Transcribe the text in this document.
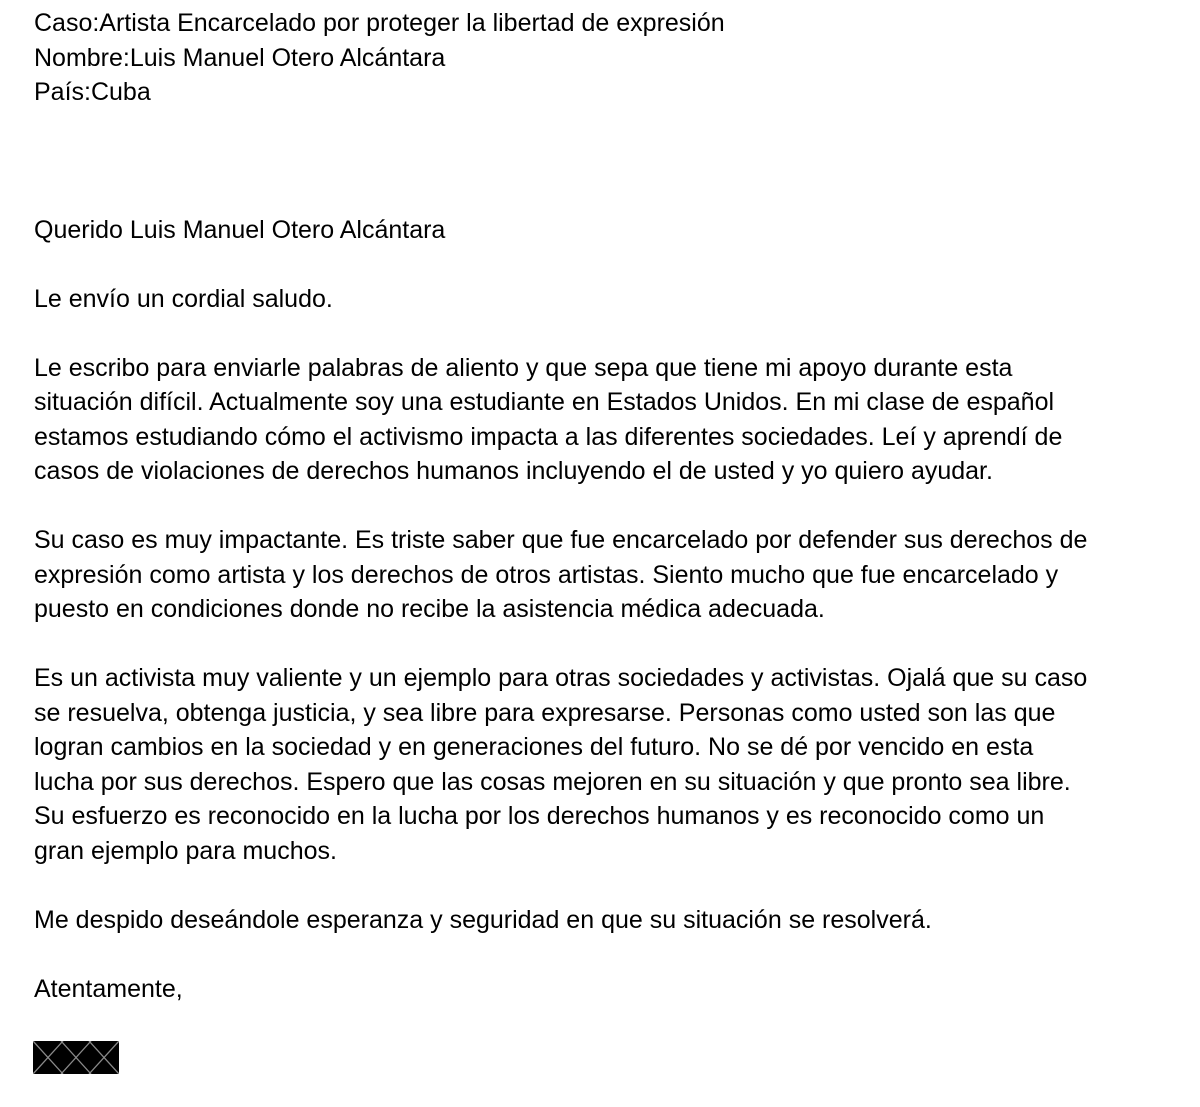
Caso:Artista Encarcelado por proteger la libertad de expresión
Nombre:Luis Manuel Otero Alcántara
País:Cuba

Querido Luis Manuel Otero Alcántara

Le envío un cordial saludo.

Le escribo para enviarle palabras de aliento y que sepa que tiene mi apoyo durante esta
situación difícil. Actualmente soy una estudiante en Estados Unidos. En mi clase de español
estamos estudiando cómo el activismo impacta a las diferentes sociedades. Leí y aprendí de
casos de violaciones de derechos humanos incluyendo el de usted y yo quiero ayudar.

Su caso es muy impactante. Es triste saber que fue encarcelado por defender sus derechos de
expresión como artista y los derechos de otros artistas. Siento mucho que fue encarcelado y
puesto en condiciones donde no recibe la asistencia médica adecuada.

Es un activista muy valiente y un ejemplo para otras sociedades y activistas. Ojalá que su caso
se resuelva, obtenga justicia, y sea libre para expresarse. Personas como usted son las que
logran cambios en la sociedad y en generaciones del futuro. No se dé por vencido en esta
lucha por sus derechos. Espero que las cosas mejoren en su situación y que pronto sea libre.
Su esfuerzo es reconocido en la lucha por los derechos humanos y es reconocido como un
gran ejemplo para muchos.

Me despido deseándole esperanza y seguridad en que su situación se resolverá.

Atentamente,
